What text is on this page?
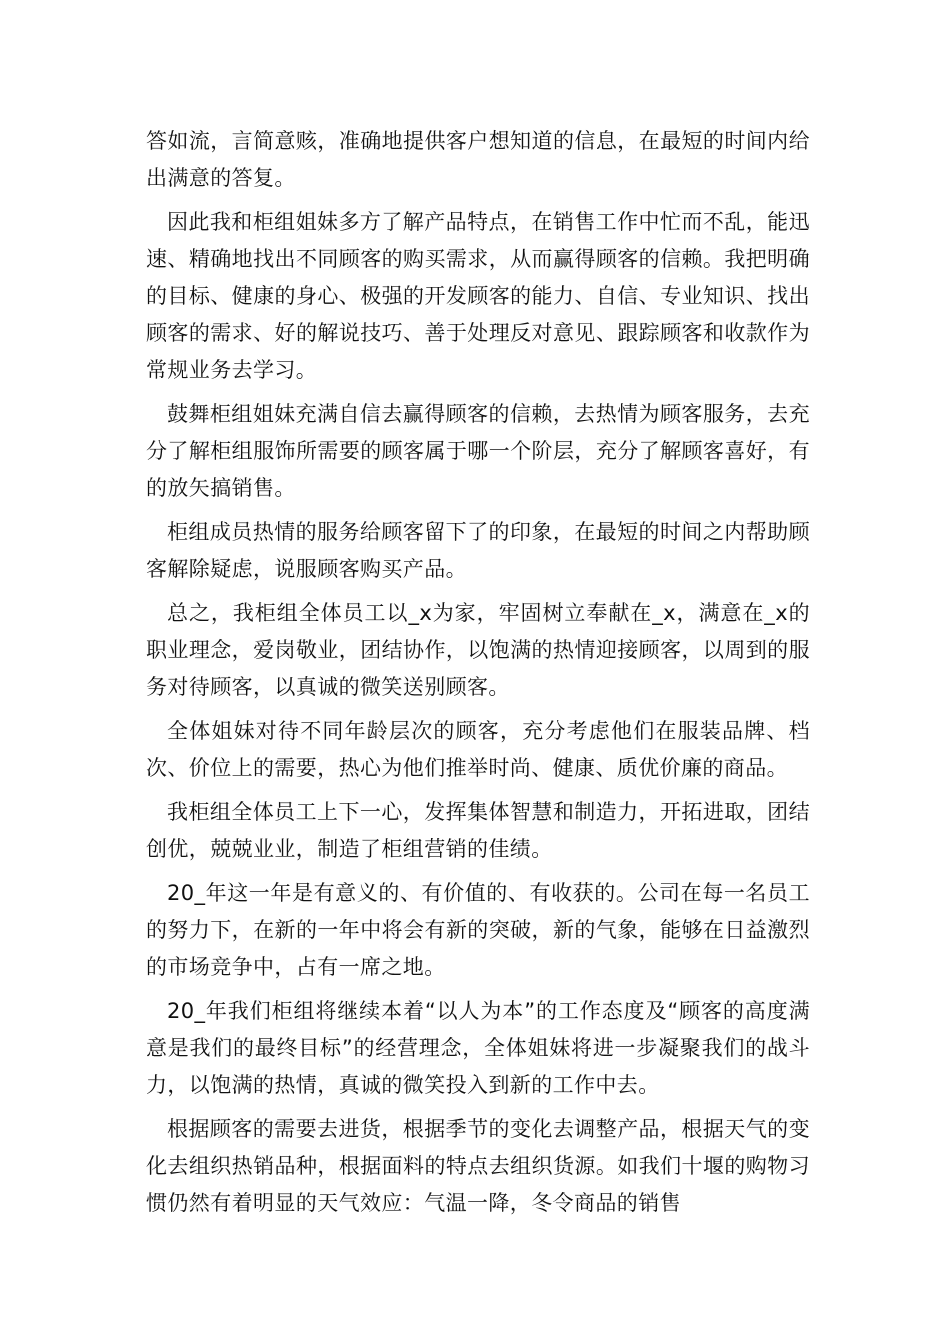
答如流，言简意赅，准确地提供客户想知道的信息，在最短的时间内给出满意的答复。

因此我和柜组姐妹多方了解产品特点，在销售工作中忙而不乱，能迅速、精确地找出不同顾客的购买需求，从而赢得顾客的信赖。我把明确的目标、健康的身心、极强的开发顾客的能力、自信、专业知识、找出顾客的需求、好的解说技巧、善于处理反对意见、跟踪顾客和收款作为常规业务去学习。

鼓舞柜组姐妹充满自信去赢得顾客的信赖，去热情为顾客服务，去充分了解柜组服饰所需要的顾客属于哪一个阶层，充分了解顾客喜好，有的放矢搞销售。

柜组成员热情的服务给顾客留下了的印象，在最短的时间之内帮助顾客解除疑虑，说服顾客购买产品。

总之，我柜组全体员工以_x为家，牢固树立奉献在_x，满意在_x的职业理念，爱岗敬业，团结协作，以饱满的热情迎接顾客，以周到的服务对待顾客，以真诚的微笑送别顾客。

全体姐妹对待不同年龄层次的顾客，充分考虑他们在服装品牌、档次、价位上的需要，热心为他们推举时尚、健康、质优价廉的商品。

我柜组全体员工上下一心，发挥集体智慧和制造力，开拓进取，团结创优，兢兢业业，制造了柜组营销的佳绩。

20_年这一年是有意义的、有价值的、有收获的。公司在每一名员工的努力下，在新的一年中将会有新的突破，新的气象，能够在日益激烈的市场竞争中，占有一席之地。

20_年我们柜组将继续本着“以人为本”的工作态度及“顾客的高度满意是我们的最终目标”的经营理念，全体姐妹将进一步凝聚我们的战斗力，以饱满的热情，真诚的微笑投入到新的工作中去。

根据顾客的需要去进货，根据季节的变化去调整产品，根据天气的变化去组织热销品种，根据面料的特点去组织货源。如我们十堰的购物习惯仍然有着明显的天气效应：气温一降，冬令商品的销售
